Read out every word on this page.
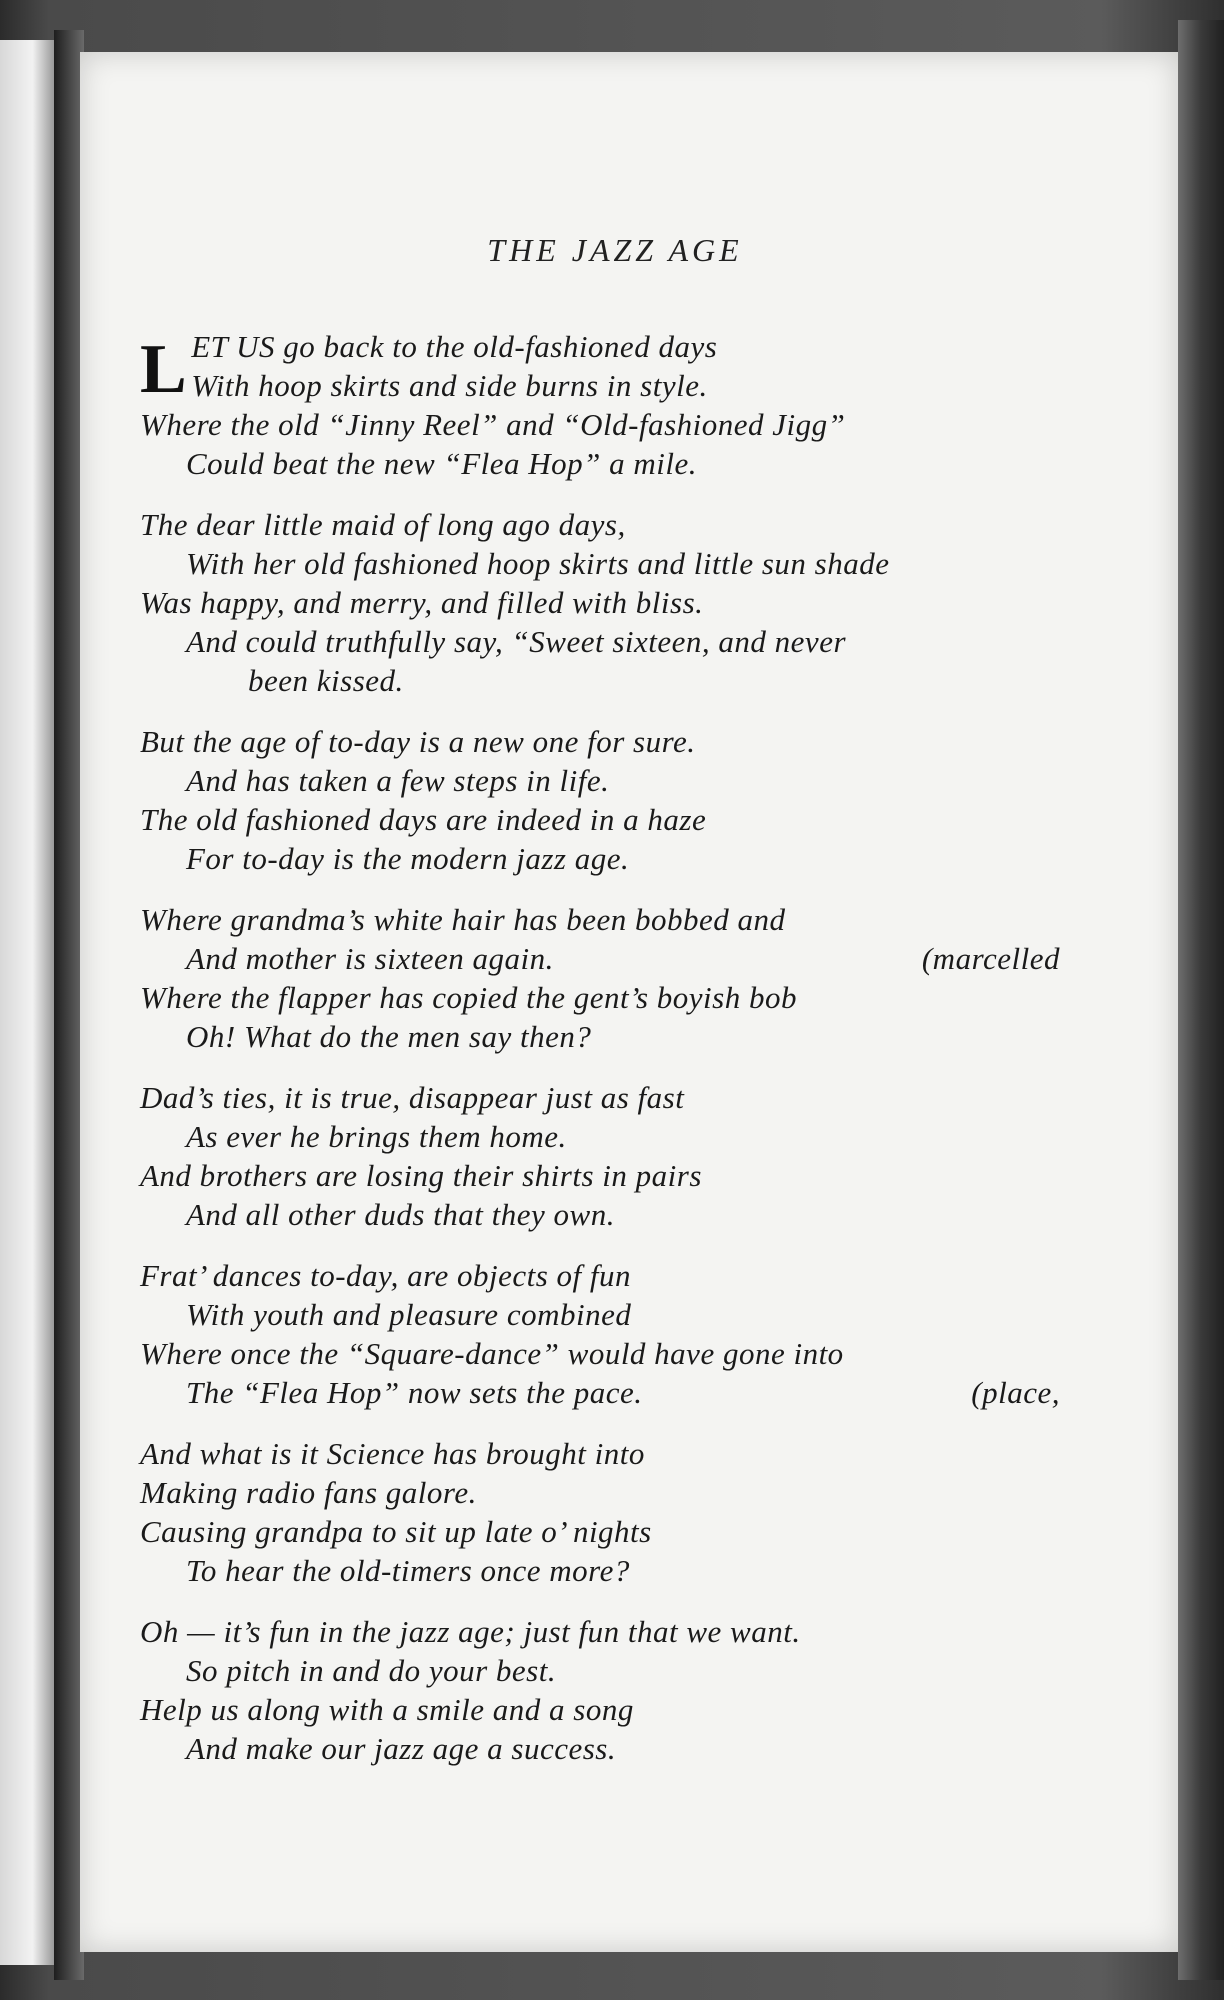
THE JAZZ AGE
LET US go back to the old-fashioned days
With hoop skirts and side burns in style.
Where the old “Jinny Reel” and “Old-fashioned Jigg”
Could beat the new “Flea Hop” a mile.
The dear little maid of long ago days,
With her old fashioned hoop skirts and little sun shade
Was happy, and merry, and filled with bliss.
And could truthfully say, “Sweet sixteen, and never
been kissed.
But the age of to-day is a new one for sure.
And has taken a few steps in life.
The old fashioned days are indeed in a haze
For to-day is the modern jazz age.
Where grandma’s white hair has been bobbed and
And mother is sixteen again.	(marcelled
Where the flapper has copied the gent’s boyish bob
Oh! What do the men say then?
Dad’s ties, it is true, disappear just as fast
As ever he brings them home.
And brothers are losing their shirts in pairs
And all other duds that they own.
Frat’ dances to-day, are objects of fun
With youth and pleasure combined
Where once the “Square-dance” would have gone into
The “Flea Hop” now sets the pace.	(place,
And what is it Science has brought into
Making radio fans galore.
Causing grandpa to sit up late o’ nights
To hear the old-timers once more?
Oh — it’s fun in the jazz age; just fun that we want.
So pitch in and do your best.
Help us along with a smile and a song
And make our jazz age a success.
